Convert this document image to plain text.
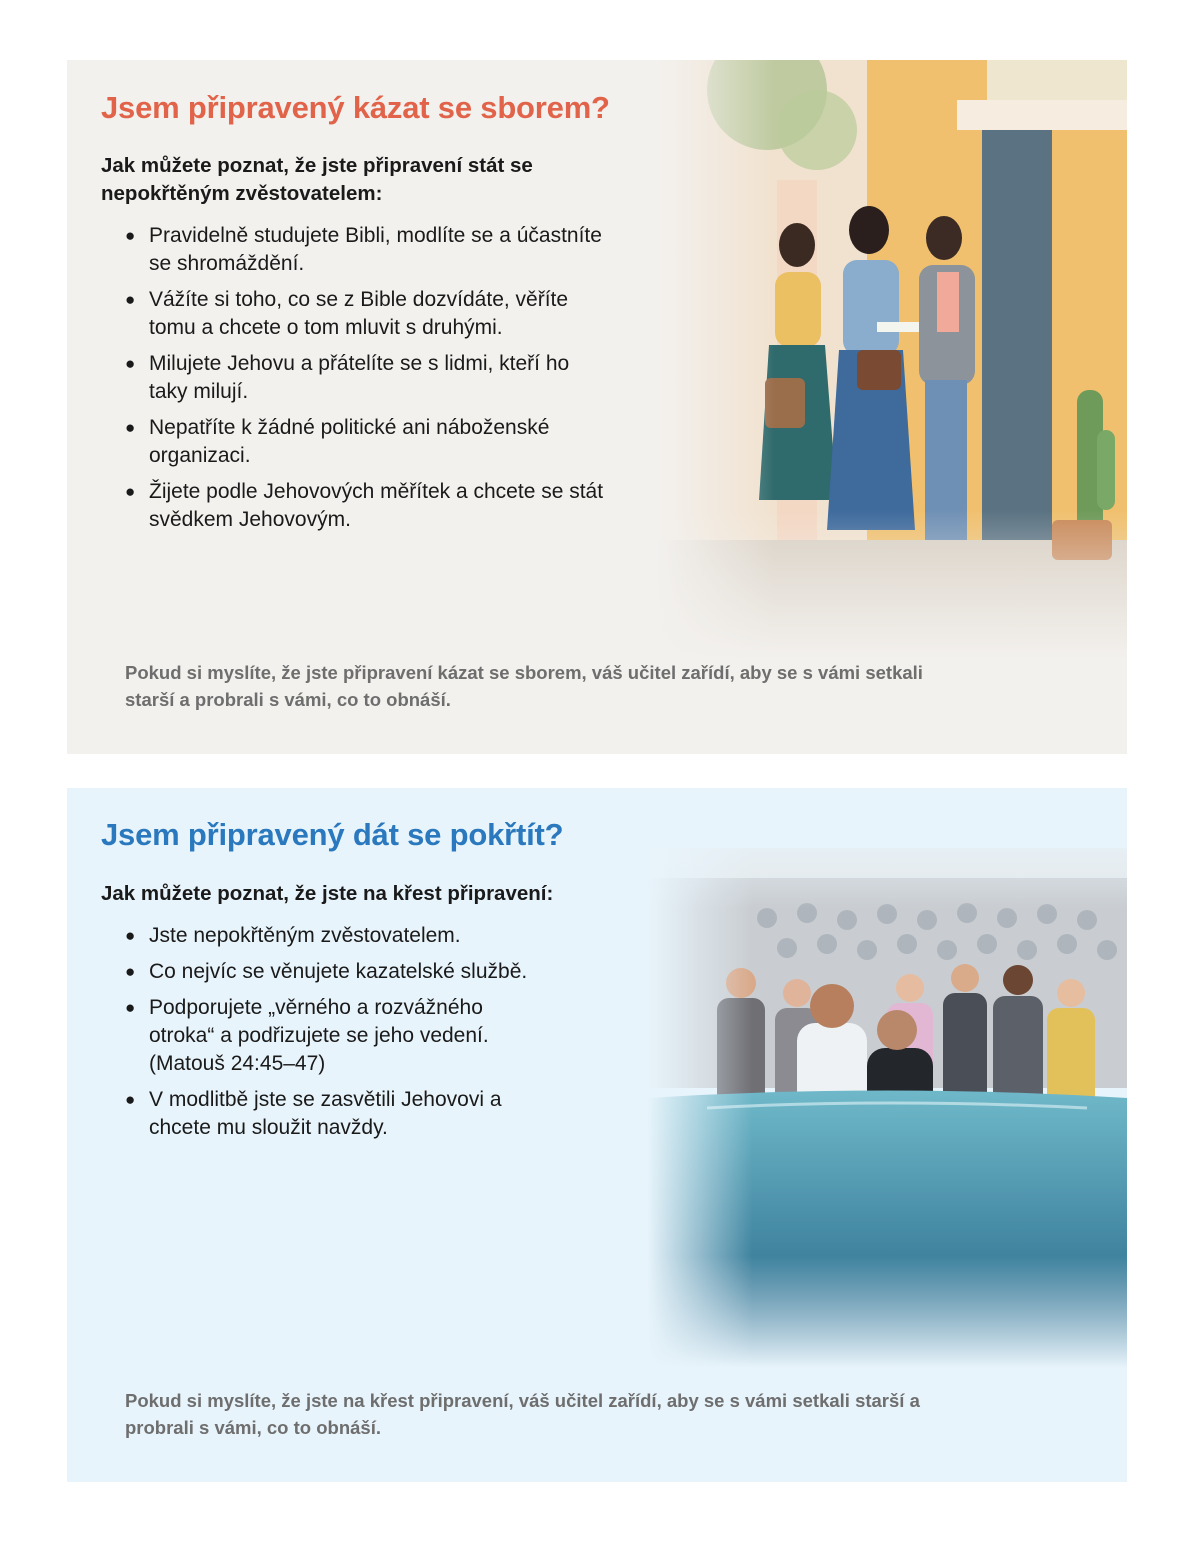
Jsem připravený kázat se sborem?

Jak můžete poznat, že jste připravení stát se nepokřtěným zvěstovatelem:

● Pravidelně studujete Bibli, modlíte se a účastníte se shromáždění.
● Vážíte si toho, co se z Bible dozvídáte, věříte tomu a chcete o tom mluvit s druhými.
● Milujete Jehovu a přátelíte se s lidmi, kteří ho taky milují.
● Nepatříte k žádné politické ani náboženské organizaci.
● Žijete podle Jehovových měřítek a chcete se stát svědkem Jehovovým.

Pokud si myslíte, že jste připravení kázat se sborem, váš učitel zařídí, aby se s vámi setkali starší a probrali s vámi, co to obnáší.

Jsem připravený dát se pokřtít?

Jak můžete poznat, že jste na křest připravení:

● Jste nepokřtěným zvěstovatelem.
● Co nejvíc se věnujete kazatelské službě.
● Podporujete „věrného a rozvážného otroka“ a podřizujete se jeho vedení. (Matouš 24:45–47)
● V modlitbě jste se zasvětili Jehovovi a chcete mu sloužit navždy.

Pokud si myslíte, že jste na křest připravení, váš učitel zařídí, aby se s vámi setkali starší a probrali s vámi, co to obnáší.
